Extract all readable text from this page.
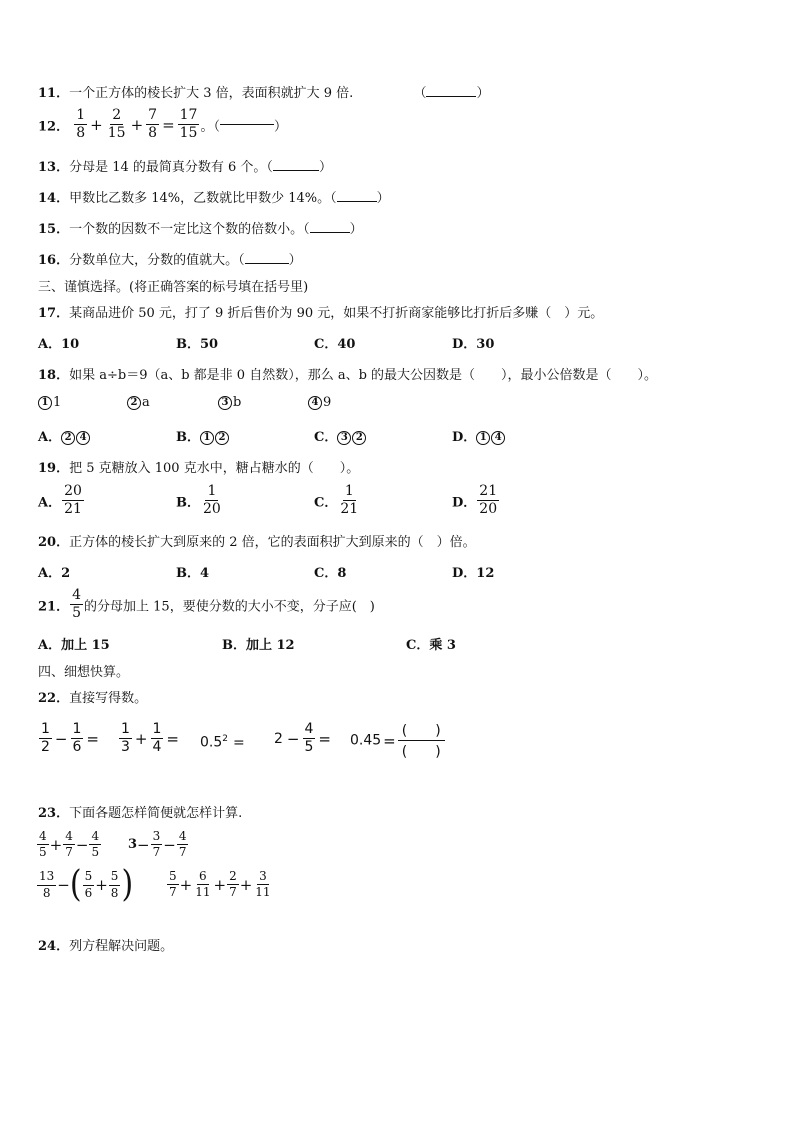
11．一个正方体的棱长扩大 3 倍，表面积就扩大 9 倍.	（	）
12． $\frac{1}{8} + \frac{2}{15} + \frac{7}{8} = \frac{17}{15}$ 。（	）
13．分母是 14 的最简真分数有 6 个。（	）
14．甲数比乙数多 14%，乙数就比甲数少 14%。（	）
15．一个数的因数不一定比这个数的倍数小。（	）
16．分数单位大，分数的值就大。（	）
三、谨慎选择。(将正确答案的标号填在括号里)
17．某商品进价 50 元，打了 9 折后售价为 90 元，如果不打折商家能够比打折后多赚（　）元。
A．10	B．50	C．40	D．30
18．如果 a÷b＝9（a、b 都是非 0 自然数），那么 a、b 的最大公因数是（　　），最小公倍数是（　　）。
1 1	2 a	3 b	4 9
A． 2 4	B． 1 2	C． 3 2	D． 1 4
19．把 5 克糖放入 100 克水中，糖占糖水的（　　）。
A． $\frac{20}{21}$	B． $\frac{1}{20}$	C． $\frac{1}{21}$	D． $\frac{21}{20}$
20．正方体的棱长扩大到原来的 2 倍，它的表面积扩大到原来的（　）倍。
A．2	B．4	C．8	D．12
21． $\frac{4}{5}$ 的分母加上 15，要使分数的大小不变，分子应(　)
A．加上 15	B．加上 12	C．乘 3
四、细想快算。
22．直接写得数。
$\frac{1}{2} - \frac{1}{6} = \frac{1}{3} + \frac{1}{4} = 0.5^2 = 2 - \frac{4}{5} = 0.45$ =
(　　)
(　　)
23．下面各题怎样简便就怎样计算.
$\frac{4}{5} + \frac{4}{7} - \frac{4}{5} 3- \frac{3}{7} - \frac{4}{7}$
$\frac{13}{8}$ −( $\frac{5}{6} + \frac{5}{8}$ )	$\frac{5}{7} + \frac{6}{11} + \frac{2}{7} + \frac{3}{11}$
24．列方程解决问题。
